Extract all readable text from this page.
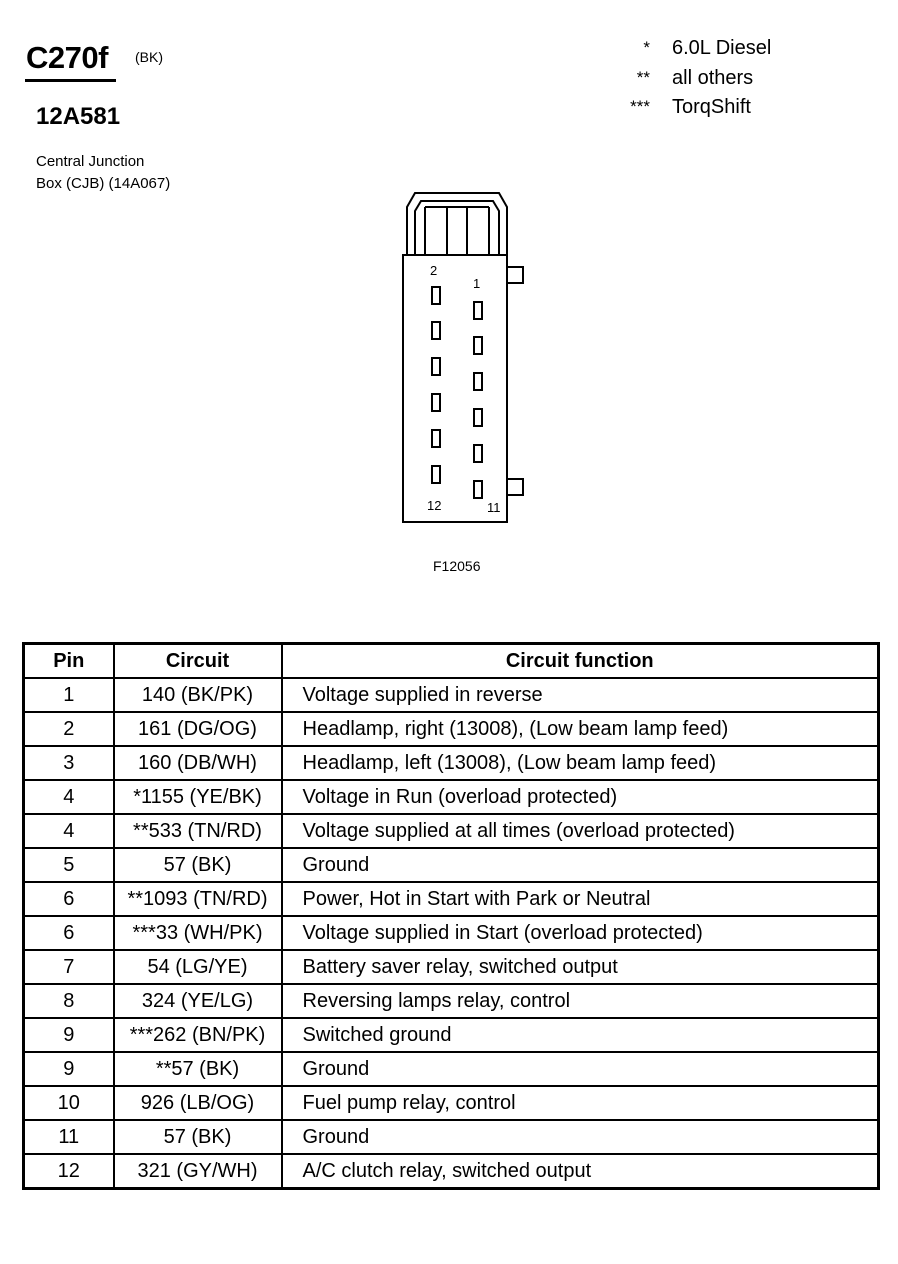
C270f (BK)
12A581
Central Junction
Box (CJB) (14A067)
* 6.0L Diesel
** all others
*** TorqShift
2
1
12	11
F12056
Pin	Circuit	Circuit function
1	140 (BK/PK)	Voltage supplied in reverse
2	161 (DG/OG)	Headlamp, right (13008), (Low beam lamp feed)
3	160 (DB/WH)	Headlamp, left (13008), (Low beam lamp feed)
4	*1155 (YE/BK)	Voltage in Run (overload protected)
4	**533 (TN/RD)	Voltage supplied at all times (overload protected)
5	57 (BK)	Ground
6	**1093 (TN/RD)	Power, Hot in Start with Park or Neutral
6	***33 (WH/PK)	Voltage supplied in Start (overload protected)
7	54 (LG/YE)	Battery saver relay, switched output
8	324 (YE/LG)	Reversing lamps relay, control
9	***262 (BN/PK)	Switched ground
9	**57 (BK)	Ground
10	926 (LB/OG)	Fuel pump relay, control
11	57 (BK)	Ground
12	321 (GY/WH)	A/C clutch relay, switched output
